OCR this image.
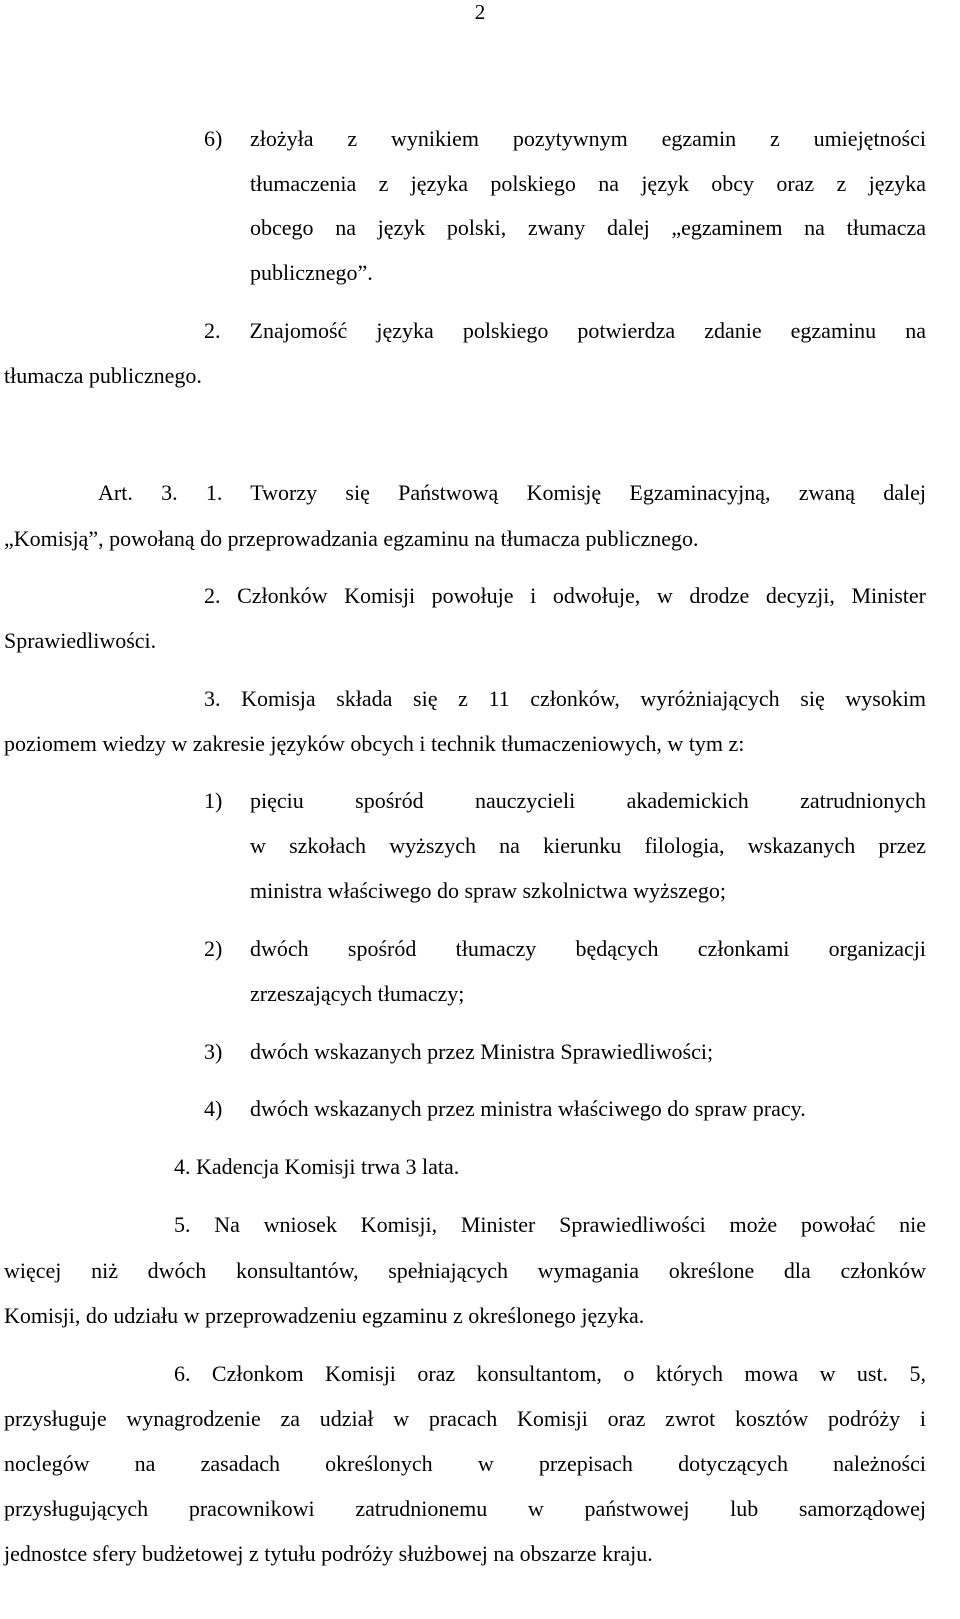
2
6) złożyła z wynikiem pozytywnym egzamin z umiejętności
tłumaczenia z języka polskiego na język obcy oraz z języka
obcego na język polski, zwany dalej „egzaminem na tłumacza
publicznego”.
2. Znajomość języka polskiego potwierdza zdanie egzaminu na
tłumacza publicznego.
Art. 3. 1. Tworzy się Państwową Komisję Egzaminacyjną, zwaną dalej
„Komisją”, powołaną do przeprowadzania egzaminu na tłumacza publicznego.
2. Członków Komisji powołuje i odwołuje, w drodze decyzji, Minister
Sprawiedliwości.
3. Komisja składa się z 11 członków, wyróżniających się wysokim
poziomem wiedzy w zakresie języków obcych i technik tłumaczeniowych, w tym z:
1) pięciu spośród nauczycieli akademickich zatrudnionych
w szkołach wyższych na kierunku filologia, wskazanych przez
ministra właściwego do spraw szkolnictwa wyższego;
2) dwóch spośród tłumaczy będących członkami organizacji
zrzeszających tłumaczy;
3) dwóch wskazanych przez Ministra Sprawiedliwości;
4) dwóch wskazanych przez ministra właściwego do spraw pracy.
4. Kadencja Komisji trwa 3 lata.
5. Na wniosek Komisji, Minister Sprawiedliwości może powołać nie
więcej niż dwóch konsultantów, spełniających wymagania określone dla członków
Komisji, do udziału w przeprowadzeniu egzaminu z określonego języka.
6. Członkom Komisji oraz konsultantom, o których mowa w ust. 5,
przysługuje wynagrodzenie za udział w pracach Komisji oraz zwrot kosztów podróży i
noclegów na zasadach określonych w przepisach dotyczących należności
przysługujących pracownikowi zatrudnionemu w państwowej lub samorządowej
jednostce sfery budżetowej z tytułu podróży służbowej na obszarze kraju.
